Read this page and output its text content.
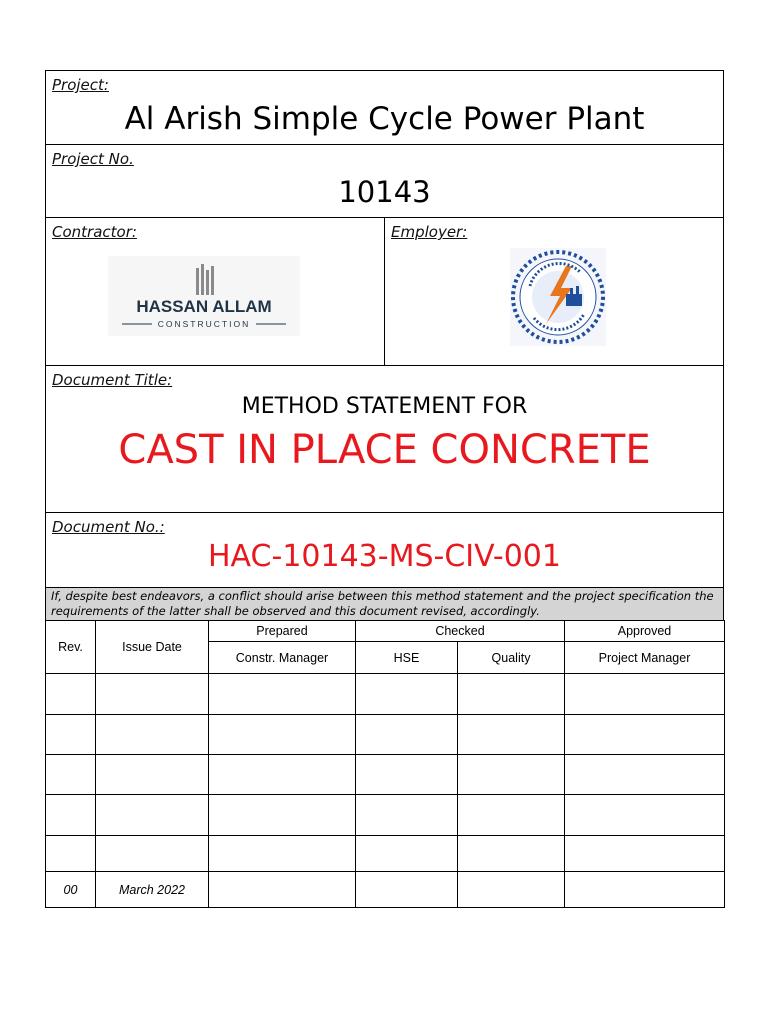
Project:
Al Arish Simple Cycle Power Plant
Project No.
10143
Contractor:
HASSAN ALLAM
CONSTRUCTION
Employer:
Document Title:
METHOD STATEMENT FOR
CAST IN PLACE CONCRETE
Document No.:
HAC-10143-MS-CIV-001
If, despite best endeavors, a conflict should arise between this method statement and the project specification the requirements of the latter shall be observed and this document revised, accordingly.
Rev.	Issue Date	Prepared	Checked		Approved
		Constr. Manager	HSE	Quality	Project Manager

00	March 2022				
